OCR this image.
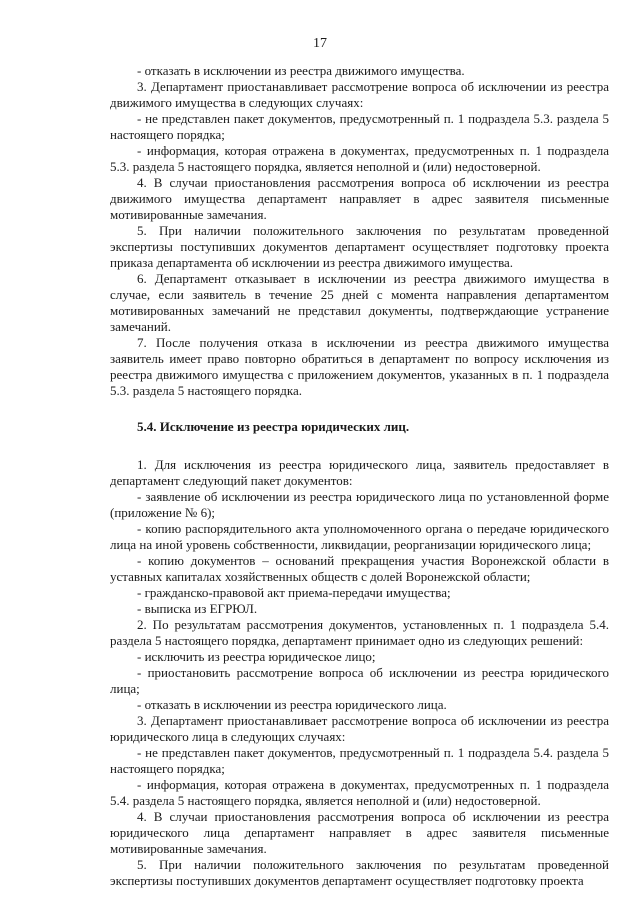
17

- отказать в исключении из реестра движимого имущества.

3. Департамент приостанавливает рассмотрение вопроса об исключении из реестра движимого имущества в следующих случаях:

- не представлен пакет документов, предусмотренный п. 1 подраздела 5.3. раздела 5 настоящего порядка;

- информация, которая отражена в документах, предусмотренных п. 1 подраздела 5.3. раздела 5 настоящего порядка, является неполной и (или) недостоверной.

4. В случаи приостановления рассмотрения вопроса об исключении из реестра движимого имущества департамент направляет в адрес заявителя письменные мотивированные замечания.

5. При наличии положительного заключения по результатам проведенной экспертизы поступивших документов департамент осуществляет подготовку проекта приказа департамента об исключении из реестра движимого имущества.

6. Департамент отказывает в исключении из реестра движимого имущества в случае, если заявитель в течение 25 дней с момента направления департаментом мотивированных замечаний не представил документы, подтверждающие устранение замечаний.

7. После получения отказа в исключении из реестра движимого имущества заявитель имеет право повторно обратиться в департамент по вопросу исключения из реестра движимого имущества с приложением документов, указанных в п. 1 подраздела 5.3. раздела 5 настоящего порядка.

5.4. Исключение из реестра юридических лиц.

1. Для исключения из реестра юридического лица, заявитель предоставляет в департамент следующий пакет документов:

- заявление об исключении из реестра юридического лица по установленной форме (приложение № 6);

- копию распорядительного акта уполномоченного органа о передаче юридического лица на иной уровень собственности, ликвидации, реорганизации юридического лица;

- копию документов – оснований прекращения участия Воронежской области в уставных капиталах хозяйственных обществ с долей Воронежской области;

- гражданско-правовой акт приема-передачи имущества;

- выписка из ЕГРЮЛ.

2. По результатам рассмотрения документов, установленных п. 1 подраздела 5.4. раздела 5 настоящего порядка, департамент принимает одно из следующих решений:

- исключить из реестра юридическое лицо;

- приостановить рассмотрение вопроса об исключении из реестра юридического лица;

- отказать в исключении из реестра юридического лица.

3. Департамент приостанавливает рассмотрение вопроса об исключении из реестра юридического лица в следующих случаях:

- не представлен пакет документов, предусмотренный п. 1 подраздела 5.4. раздела 5 настоящего порядка;

- информация, которая отражена в документах, предусмотренных п. 1 подраздела 5.4. раздела 5 настоящего порядка, является неполной и (или) недостоверной.

4. В случаи приостановления рассмотрения вопроса об исключении из реестра юридического лица департамент направляет в адрес заявителя письменные мотивированные замечания.

5. При наличии положительного заключения по результатам проведенной экспертизы поступивших документов департамент осуществляет подготовку проекта
